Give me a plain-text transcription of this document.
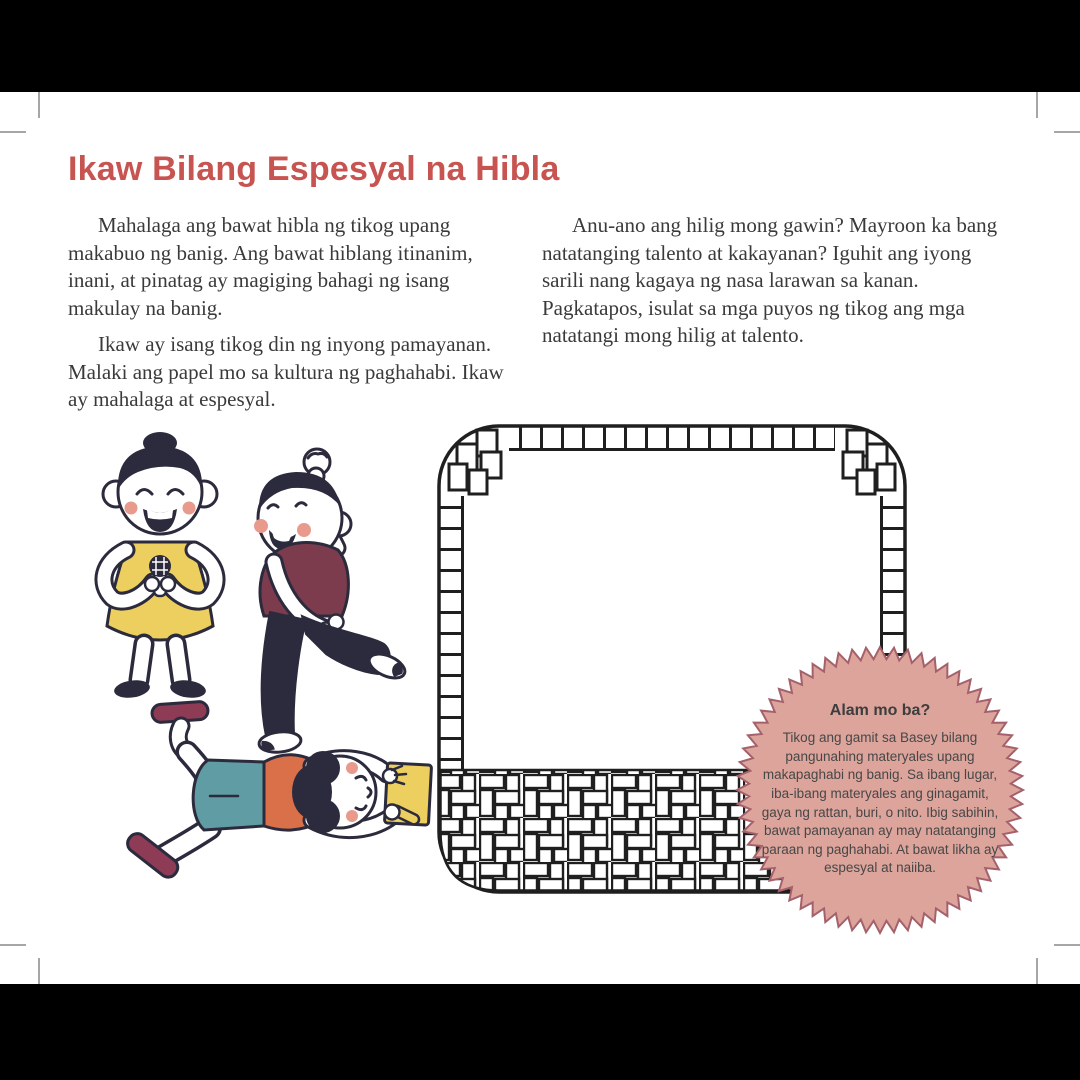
Ikaw Bilang Espesyal na Hibla

Mahalaga ang bawat hibla ng tikog upang makabuo ng banig. Ang bawat hiblang itinanim, inani, at pinatag ay magiging bahagi ng isang makulay na banig.

Ikaw ay isang tikog din ng inyong pamayanan. Malaki ang papel mo sa kultura ng paghahabi. Ikaw ay mahalaga at espesyal.

Anu-ano ang hilig mong gawin? Mayroon ka bang natatanging talento at kakayanan? Iguhit ang iyong sarili nang kagaya ng nasa larawan sa kanan. Pagkatapos, isulat sa mga puyos ng tikog ang mga natatangi mong hilig at talento.

Alam mo ba?

Tikog ang gamit sa Basey bilang pangunahing materyales upang makapaghabi ng banig. Sa ibang lugar, iba-ibang materyales ang ginagamit, gaya ng rattan, buri, o nito. Ibig sabihin, bawat pamayanan ay may natatanging paraan ng paghahabi. At bawat likha ay espesyal at naiiba.
